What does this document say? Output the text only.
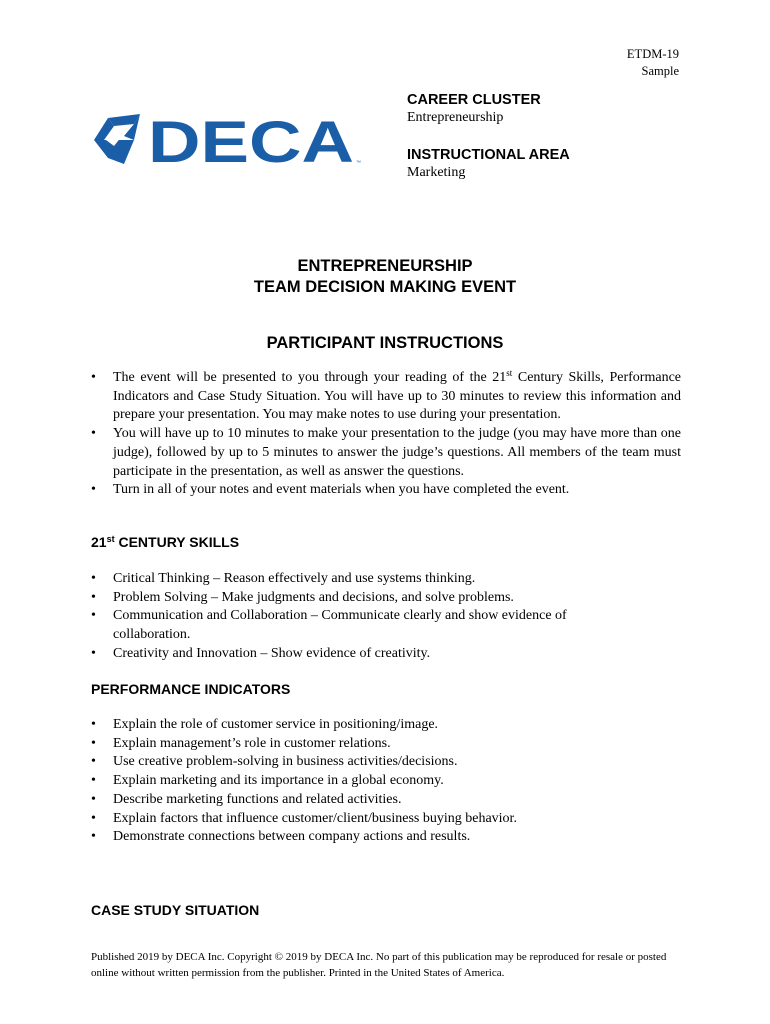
ETDM-19
Sample
DECA ™
CAREER CLUSTER
Entrepreneurship
INSTRUCTIONAL AREA
Marketing
ENTREPRENEURSHIP
TEAM DECISION MAKING EVENT
PARTICIPANT INSTRUCTIONS
•	The event will be presented to you through your reading of the 21st Century Skills, Performance Indicators and Case Study Situation. You will have up to 30 minutes to review this information and prepare your presentation. You may make notes to use during your presentation.
•	You will have up to 10 minutes to make your presentation to the judge (you may have more than one judge), followed by up to 5 minutes to answer the judge’s questions. All members of the team must participate in the presentation, as well as answer the questions.
•	Turn in all of your notes and event materials when you have completed the event.
21st CENTURY SKILLS
•	Critical Thinking – Reason effectively and use systems thinking.
•	Problem Solving – Make judgments and decisions, and solve problems.
•	Communication and Collaboration – Communicate clearly and show evidence of collaboration.
•	Creativity and Innovation – Show evidence of creativity.
PERFORMANCE INDICATORS
•	Explain the role of customer service in positioning/image.
•	Explain management’s role in customer relations.
•	Use creative problem-solving in business activities/decisions.
•	Explain marketing and its importance in a global economy.
•	Describe marketing functions and related activities.
•	Explain factors that influence customer/client/business buying behavior.
•	Demonstrate connections between company actions and results.
CASE STUDY SITUATION
Published 2019 by DECA Inc. Copyright © 2019 by DECA Inc. No part of this publication may be reproduced for resale or posted online without written permission from the publisher. Printed in the United States of America.
